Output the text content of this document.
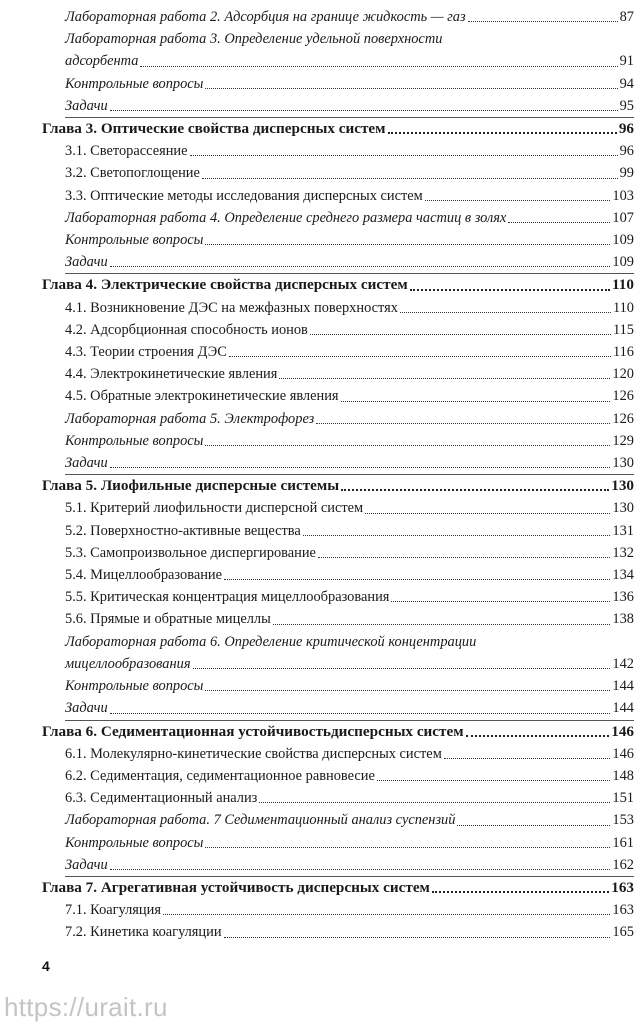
Лабораторная работа 2. Адсорбция на границе жидкость — газ	87
Лабораторная работа 3. Определение удельной поверхности
адсорбента	91
Контрольные вопросы	94
Задачи	95
Глава 3. Оптические свойства дисперсных систем	96
3.1. Светорассеяние	96
3.2. Светопоглощение	99
3.3. Оптические методы исследования дисперсных систем	103
Лабораторная работа 4. Определение среднего размера частиц в золях	107
Контрольные вопросы	109
Задачи	109
Глава 4. Электрические свойства дисперсных систем	110
4.1. Возникновение ДЭС на межфазных поверхностях	110
4.2. Адсорбционная способность ионов	115
4.3. Теории строения ДЭС	116
4.4. Электрокинетические явления	120
4.5. Обратные электрокинетические явления	126
Лабораторная работа 5. Электрофорез	126
Контрольные вопросы	129
Задачи	130
Глава 5. Лиофильные дисперсные системы	130
5.1. Критерий лиофильности дисперсной систем	130
5.2. Поверхностно-активные вещества	131
5.3. Самопроизвольное диспергирование	132
5.4. Мицеллообразование	134
5.5. Критическая концентрация мицеллообразования	136
5.6. Прямые и обратные мицеллы	138
Лабораторная работа 6. Определение критической концентрации
мицеллообразования	142
Контрольные вопросы	144
Задачи	144
Глава 6. Седиментационная устойчивостьдисперсных систем	146
6.1. Молекулярно-кинетические свойства дисперсных систем	146
6.2. Седиментация, седиментационное равновесие	148
6.3. Седиментационный анализ	151
Лабораторная работа. 7 Седиментационный анализ суспензий	153
Контрольные вопросы	161
Задачи	162
Глава 7. Агрегативная устойчивость дисперсных систем	163
7.1. Коагуляция	163
7.2. Кинетика коагуляции	165
4
https://urait.ru
